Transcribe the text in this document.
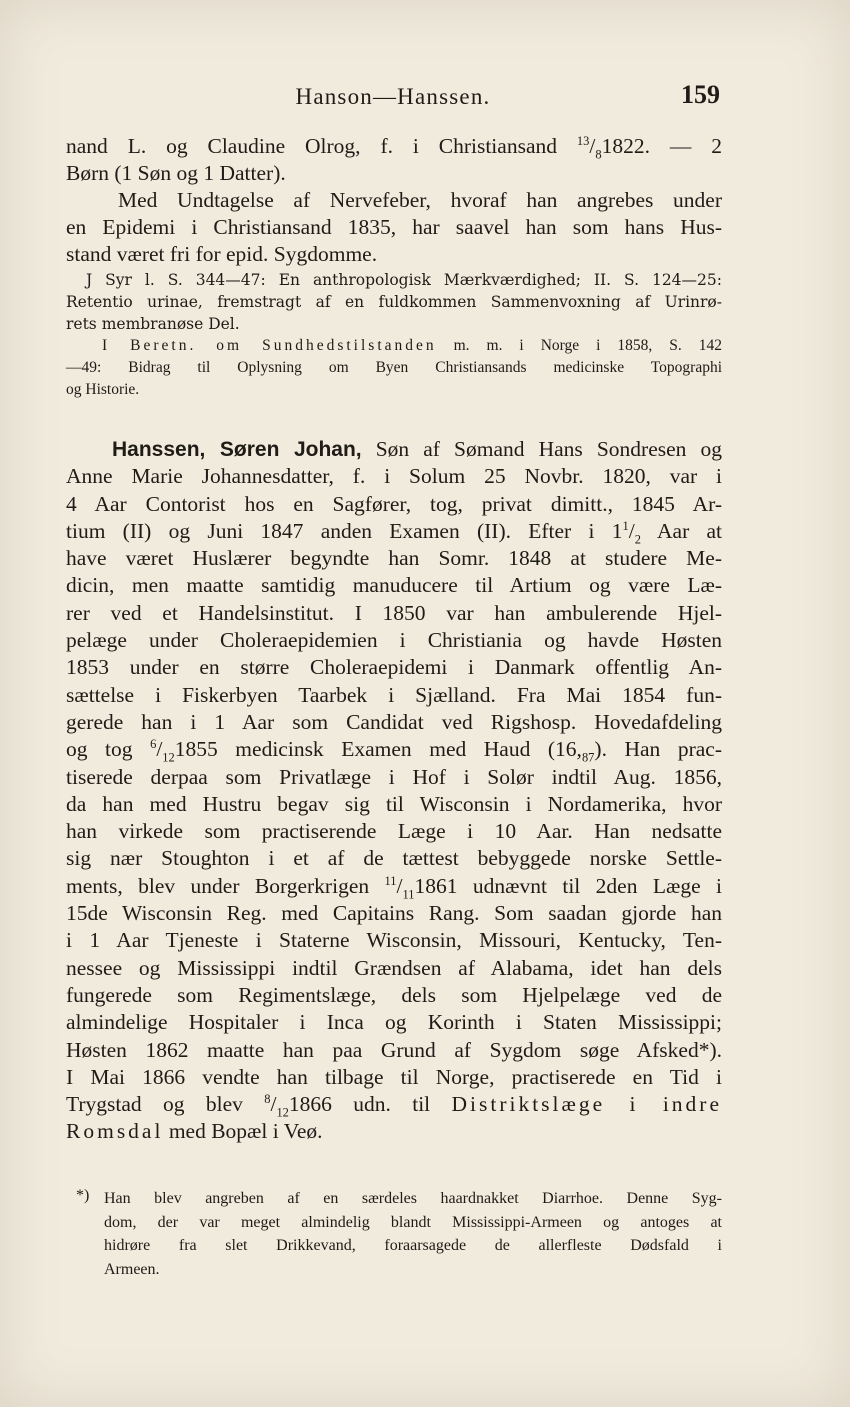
Hanson—Hanssen.	159
nand L. og Claudine Olrog, f. i Christiansand $^{13}/_81822$. — 2
Børn (1 Søn og 1 Datter).
Med Undtagelse af Nervefeber, hvoraf han angrebes under
en Epidemi i Christiansand 1835, har saavel han som hans Hus-
stand været fri for epid. Sygdomme.
J Syr l. S. 344—47: En anthropologisk Mærkværdighed; II. S. 124—25:
Retentio urinae, fremstragt af en fuldkommen Sammenvoxning af Urinrø-
rets membranøse Del.
I Beretn. om Sundhedstilstanden m. m. i Norge i 1858, S. 142
—49: Bidrag til Oplysning om Byen Christiansands medicinske Topographi
og Historie.
Hanssen, Søren Johan, Søn af Sømand Hans Sondresen og
Anne Marie Johannesdatter, f. i Solum 25 Novbr. 1820, var i
4 Aar Contorist hos en Sagfører, tog, privat dimitt., 1845 Ar-
tium (II) og Juni 1847 anden Examen (II). Efter i $1^1/_2$ Aar at
have været Huslærer begyndte han Somr. 1848 at studere Me-
dicin, men maatte samtidig manuducere til Artium og være Læ-
rer ved et Handelsinstitut. I 1850 var han ambulerende Hjel-
pelæge under Choleraepidemien i Christiania og havde Høsten
1853 under en større Choleraepidemi i Danmark offentlig An-
sættelse i Fiskerbyen Taarbek i Sjælland. Fra Mai 1854 fun-
gerede han i 1 Aar som Candidat ved Rigshosp. Hovedafdeling
og tog $^6/_{12}1855$ medicinsk Examen med Haud $(16,_{87})$. Han prac-
tiserede derpaa som Privatlæge i Hof i Solør indtil Aug. 1856,
da han med Hustru begav sig til Wisconsin i Nordamerika, hvor
han virkede som practiserende Læge i 10 Aar. Han nedsatte
sig nær Stoughton i et af de tættest bebyggede norske Settle-
ments, blev under Borgerkrigen $^{11}/_{11}1861$ udnævnt til 2den Læge i
15de Wisconsin Reg. med Capitains Rang. Som saadan gjorde han
i 1 Aar Tjeneste i Staterne Wisconsin, Missouri, Kentucky, Ten-
nessee og Mississippi indtil Grændsen af Alabama, idet han dels
fungerede som Regimentslæge, dels som Hjelpelæge ved de
almindelige Hospitaler i Inca og Korinth i Staten Mississippi;
Høsten 1862 maatte han paa Grund af Sygdom søge Afsked*).
I Mai 1866 vendte han tilbage til Norge, practiserede en Tid i
Trygstad og blev $^8/_{12}1866$ udn. til Distriktslæge i indre
Romsdal med Bopæl i Veø.
*) Han blev angreben af en særdeles haardnakket Diarrhoe. Denne Syg-
dom, der var meget almindelig blandt Mississippi-Armeen og antoges at
hidrøre fra slet Drikkevand, foraarsagede de allerfleste Dødsfald i
Armeen.
